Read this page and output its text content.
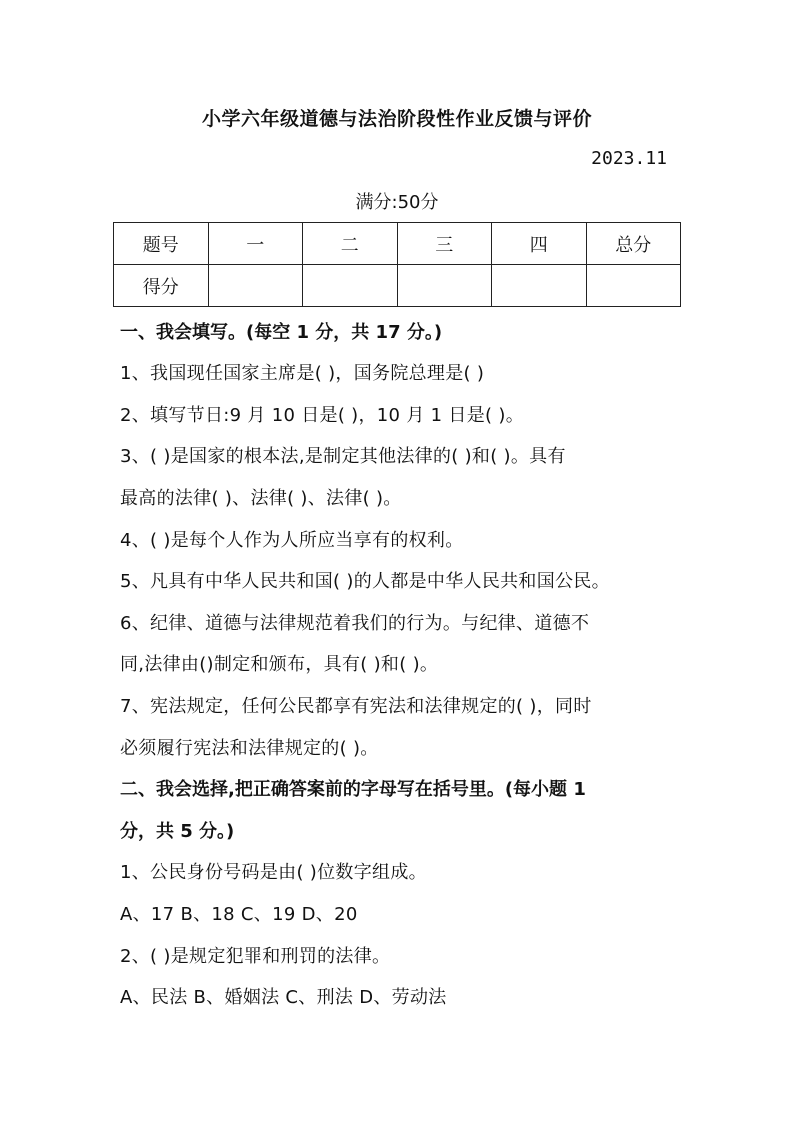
小学六年级道德与法治阶段性作业反馈与评价
2023.11
满分:50分
题号	一	二	三	四	总分
得分					
一、我会填写。(每空 1 分，共 17 分。)
1、我国现任国家主席是( )，国务院总理是( )
2、填写节日:9 月 10 日是( )，10 月 1 日是( )。
3、( )是国家的根本法,是制定其他法律的( )和( )。具有
最高的法律( )、法律( )、法律( )。
4、( )是每个人作为人所应当享有的权利。
5、凡具有中华人民共和国( )的人都是中华人民共和国公民。
6、纪律、道德与法律规范着我们的行为。与纪律、道德不
同,法律由()制定和颁布，具有( )和( )。
7、宪法规定，任何公民都享有宪法和法律规定的( )，同时
必须履行宪法和法律规定的( )。
二、我会选择,把正确答案前的字母写在括号里。(每小题 1
分，共 5 分。)
1、公民身份号码是由( )位数字组成。
A、17 B、18 C、19 D、20
2、( )是规定犯罪和刑罚的法律。
A、民法 B、婚姻法 C、刑法 D、劳动法
